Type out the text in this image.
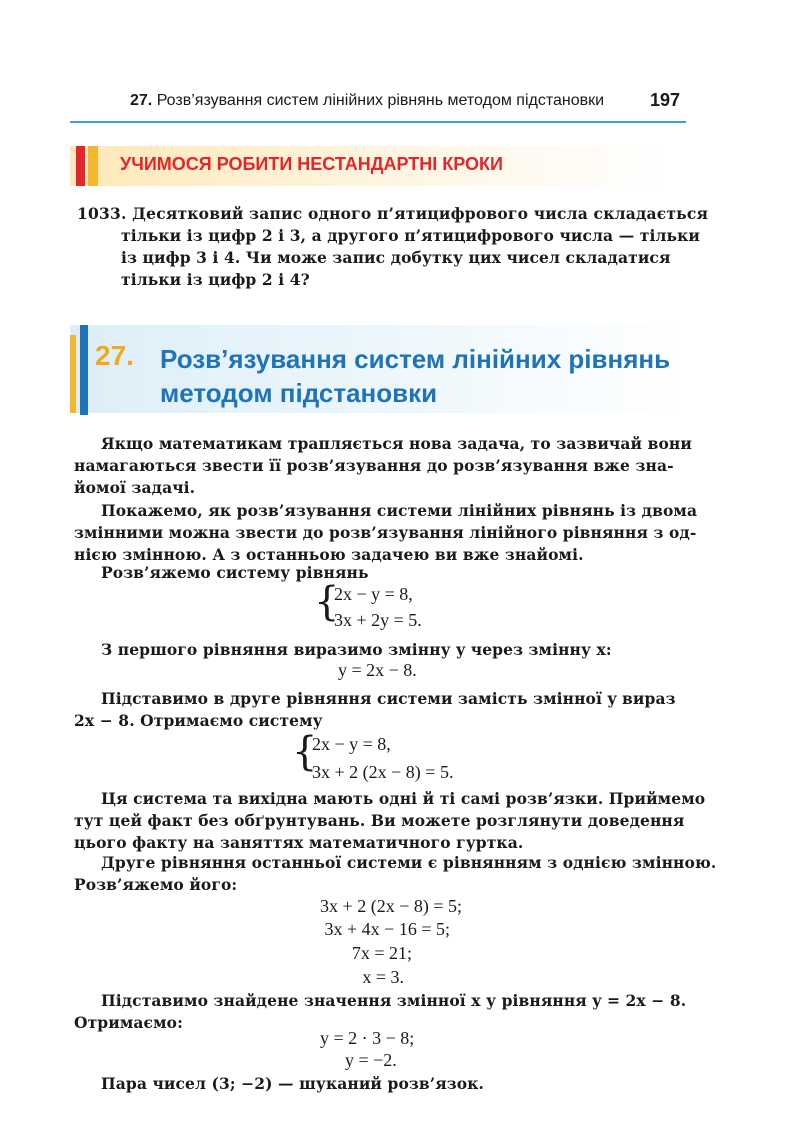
27. Розв’язування систем лінійних рівнянь методом підстановки	197
УЧИМОСЯ РОБИТИ НЕСТАНДАРТНІ КРОКИ
1033. Десятковий запис одного п’ятицифрового числа складається
тільки із цифр 2 і 3, а другого п’ятицифрового числа — тільки
із цифр 3 і 4. Чи може запис добутку цих чисел складатися
тільки із цифр 2 і 4?
27. Розв’язування систем лінійних рівнянь
методом підстановки
Якщо математикам трапляється нова задача, то зазвичай вони
намагаються звести її розв’язування до розв’язування вже зна-
йомої задачі.
Покажемо, як розв’язування системи лінійних рівнянь із двома
змінними можна звести до розв’язування лінійного рівняння з од-
нією змінною. А з останньою задачею ви вже знайомі.
Розв’яжемо систему рівнянь
{
2x − y = 8,
3x + 2y = 5.
З першого рівняння виразимо змінну y через змінну x:
y = 2x − 8.
Підставимо в друге рівняння системи замість змінної y вираз
2x − 8. Отримаємо систему
{
2x − y = 8,
3x + 2 (2x − 8) = 5.
Ця система та вихідна мають одні й ті самі розв’язки. Приймемо
тут цей факт без обґрунтувань. Ви можете розглянути доведення
цього факту на заняттях математичного гуртка.
Друге рівняння останньої системи є рівнянням з однією змінною.
Розв’яжемо його:
3x + 2 (2x − 8) = 5;
3x + 4x − 16 = 5;
7x = 21;
x = 3.
Підставимо знайдене значення змінної x у рівняння y = 2x − 8.
Отримаємо:
y = 2 · 3 − 8;
y = −2.
Пара чисел (3; −2) — шуканий розв’язок.
